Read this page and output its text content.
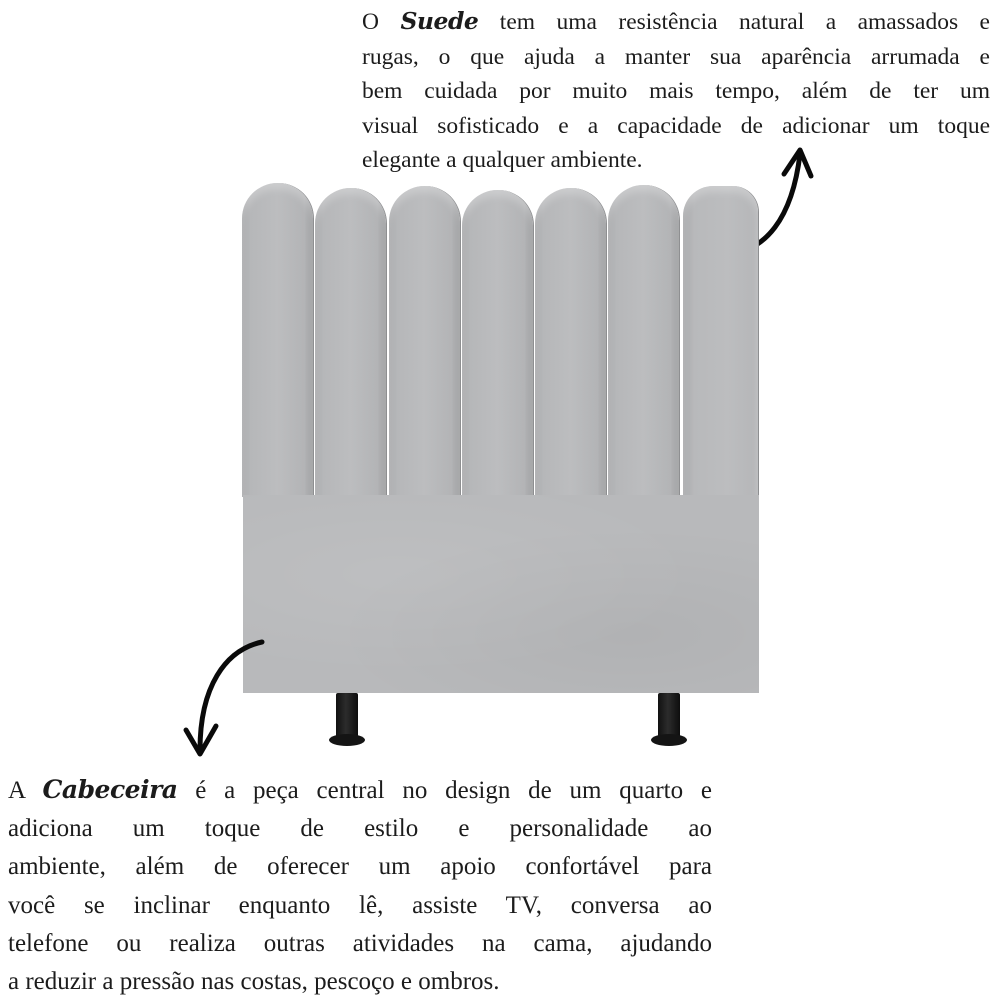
O Suede tem uma resistência natural a amassados e
rugas, o que ajuda a manter sua aparência arrumada e
bem cuidada por muito mais tempo, além de ter um
visual sofisticado e a capacidade de adicionar um toque
elegante a qualquer ambiente.
A Cabeceira é a peça central no design de um quarto e
adiciona um toque de estilo e personalidade ao
ambiente, além de oferecer um apoio confortável para
você se inclinar enquanto lê, assiste TV, conversa ao
telefone ou realiza outras atividades na cama, ajudando
a reduzir a pressão nas costas, pescoço e ombros.
